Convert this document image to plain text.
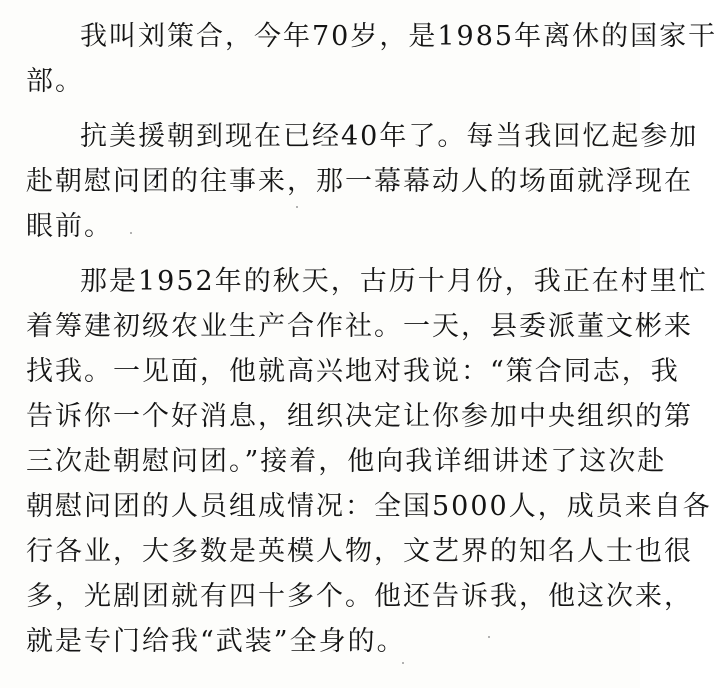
我叫刘策合，今年70岁，是1985年离休的国家干
部。
抗美援朝到现在已经40年了。每当我回忆起参加
赴朝慰问团的往事来，那一幕幕动人的场面就浮现在
眼前。
那是1952年的秋天，古历十月份，我正在村里忙
着筹建初级农业生产合作社。一天，县委派董文彬来
找我。一见面，他就高兴地对我说：“策合同志，我
告诉你一个好消息，组织决定让你参加中央组织的第
三次赴朝慰问团。”接着，他向我详细讲述了这次赴
朝慰问团的人员组成情况：全国5000人，成员来自各
行各业，大多数是英模人物，文艺界的知名人士也很
多，光剧团就有四十多个。他还告诉我，他这次来，
就是专门给我“武装”全身的。
